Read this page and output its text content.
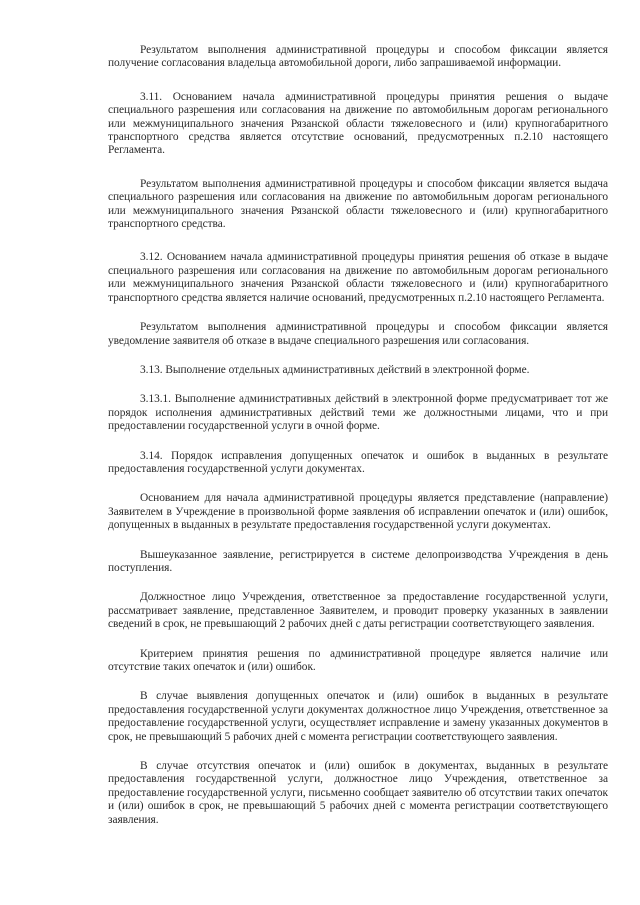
Результатом выполнения административной процедуры и способом фиксации является получение согласования владельца автомобильной дороги, либо запрашиваемой информации.

3.11. Основанием начала административной процедуры принятия решения о выдаче специального разрешения или согласования на движение по автомобильным дорогам регионального или межмуниципального значения Рязанской области тяжеловесного и (или) крупногабаритного транспортного средства является отсутствие оснований, предусмотренных п.2.10 настоящего Регламента.

Результатом выполнения административной процедуры и способом фиксации является выдача специального разрешения или согласования на движение по автомобильным дорогам регионального или межмуниципального значения Рязанской области тяжеловесного и (или) крупногабаритного транспортного средства.

3.12. Основанием начала административной процедуры принятия решения об отказе в выдаче специального разрешения или согласования на движение по автомобильным дорогам регионального или межмуниципального значения Рязанской области тяжеловесного и (или) крупногабаритного транспортного средства является наличие оснований, предусмотренных п.2.10 настоящего Регламента.

Результатом выполнения административной процедуры и способом фиксации является уведомление заявителя об отказе в выдаче специального разрешения или согласования.

3.13. Выполнение отдельных административных действий в электронной форме.

3.13.1. Выполнение административных действий в электронной форме предусматривает тот же порядок исполнения административных действий теми же должностными лицами, что и при предоставлении государственной услуги в очной форме.

3.14. Порядок исправления допущенных опечаток и ошибок в выданных в результате предоставления государственной услуги документах.

Основанием для начала административной процедуры является представление (направление) Заявителем в Учреждение в произвольной форме заявления об исправлении опечаток и (или) ошибок, допущенных в выданных в результате предоставления государственной услуги документах.

Вышеуказанное заявление, регистрируется в системе делопроизводства Учреждения в день поступления.

Должностное лицо Учреждения, ответственное за предоставление государственной услуги, рассматривает заявление, представленное Заявителем, и проводит проверку указанных в заявлении сведений в срок, не превышающий 2 рабочих дней с даты регистрации соответствующего заявления.

Критерием принятия решения по административной процедуре является наличие или отсутствие таких опечаток и (или) ошибок.

В случае выявления допущенных опечаток и (или) ошибок в выданных в результате предоставления государственной услуги документах должностное лицо Учреждения, ответственное за предоставление государственной услуги, осуществляет исправление и замену указанных документов в срок, не превышающий 5 рабочих дней с момента регистрации соответствующего заявления.

В случае отсутствия опечаток и (или) ошибок в документах, выданных в результате предоставления государственной услуги, должностное лицо Учреждения, ответственное за предоставление государственной услуги, письменно сообщает заявителю об отсутствии таких опечаток и (или) ошибок в срок, не превышающий 5 рабочих дней с момента регистрации соответствующего заявления.
